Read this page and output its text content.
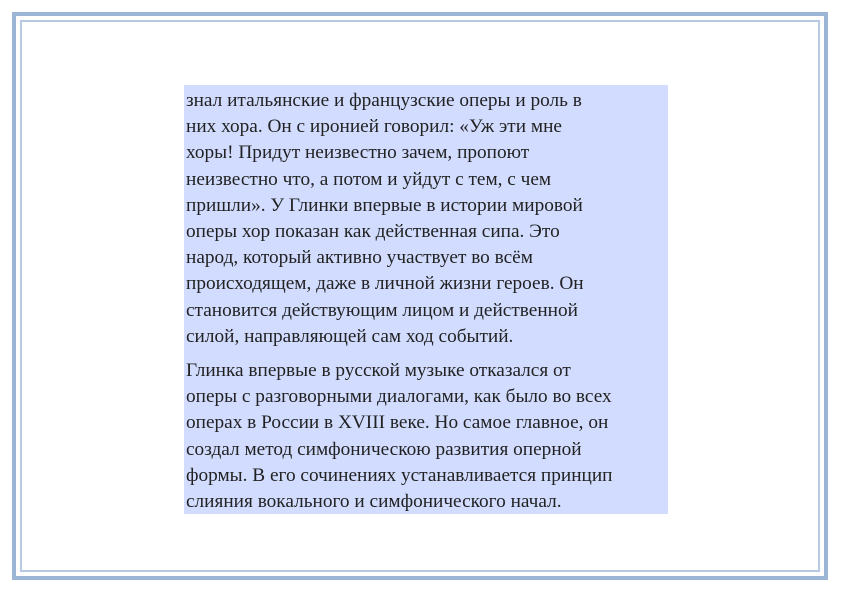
знал итальянские и французские оперы и роль в
них хора. Он с иронией говорил: «Уж эти мне
хоры! Придут неизвестно зачем, пропоют
неизвестно что, а потом и уйдут с тем, с чем
пришли». У Глинки впервые в истории мировой
оперы хор показан как действенная сипа. Это
народ, который активно участвует во всём
происходящем, даже в личной жизни героев. Он
становится действующим лицом и действенной
силой, направляющей сам ход событий.

Глинка впервые в русской музыке отказался от
оперы с разговорными диалогами, как было во всех
операх в России в XVIII веке. Но самое главное, он
создал метод симфоническою развития оперной
формы. В его сочинениях устанавливается принцип
слияния вокального и симфонического начал.
